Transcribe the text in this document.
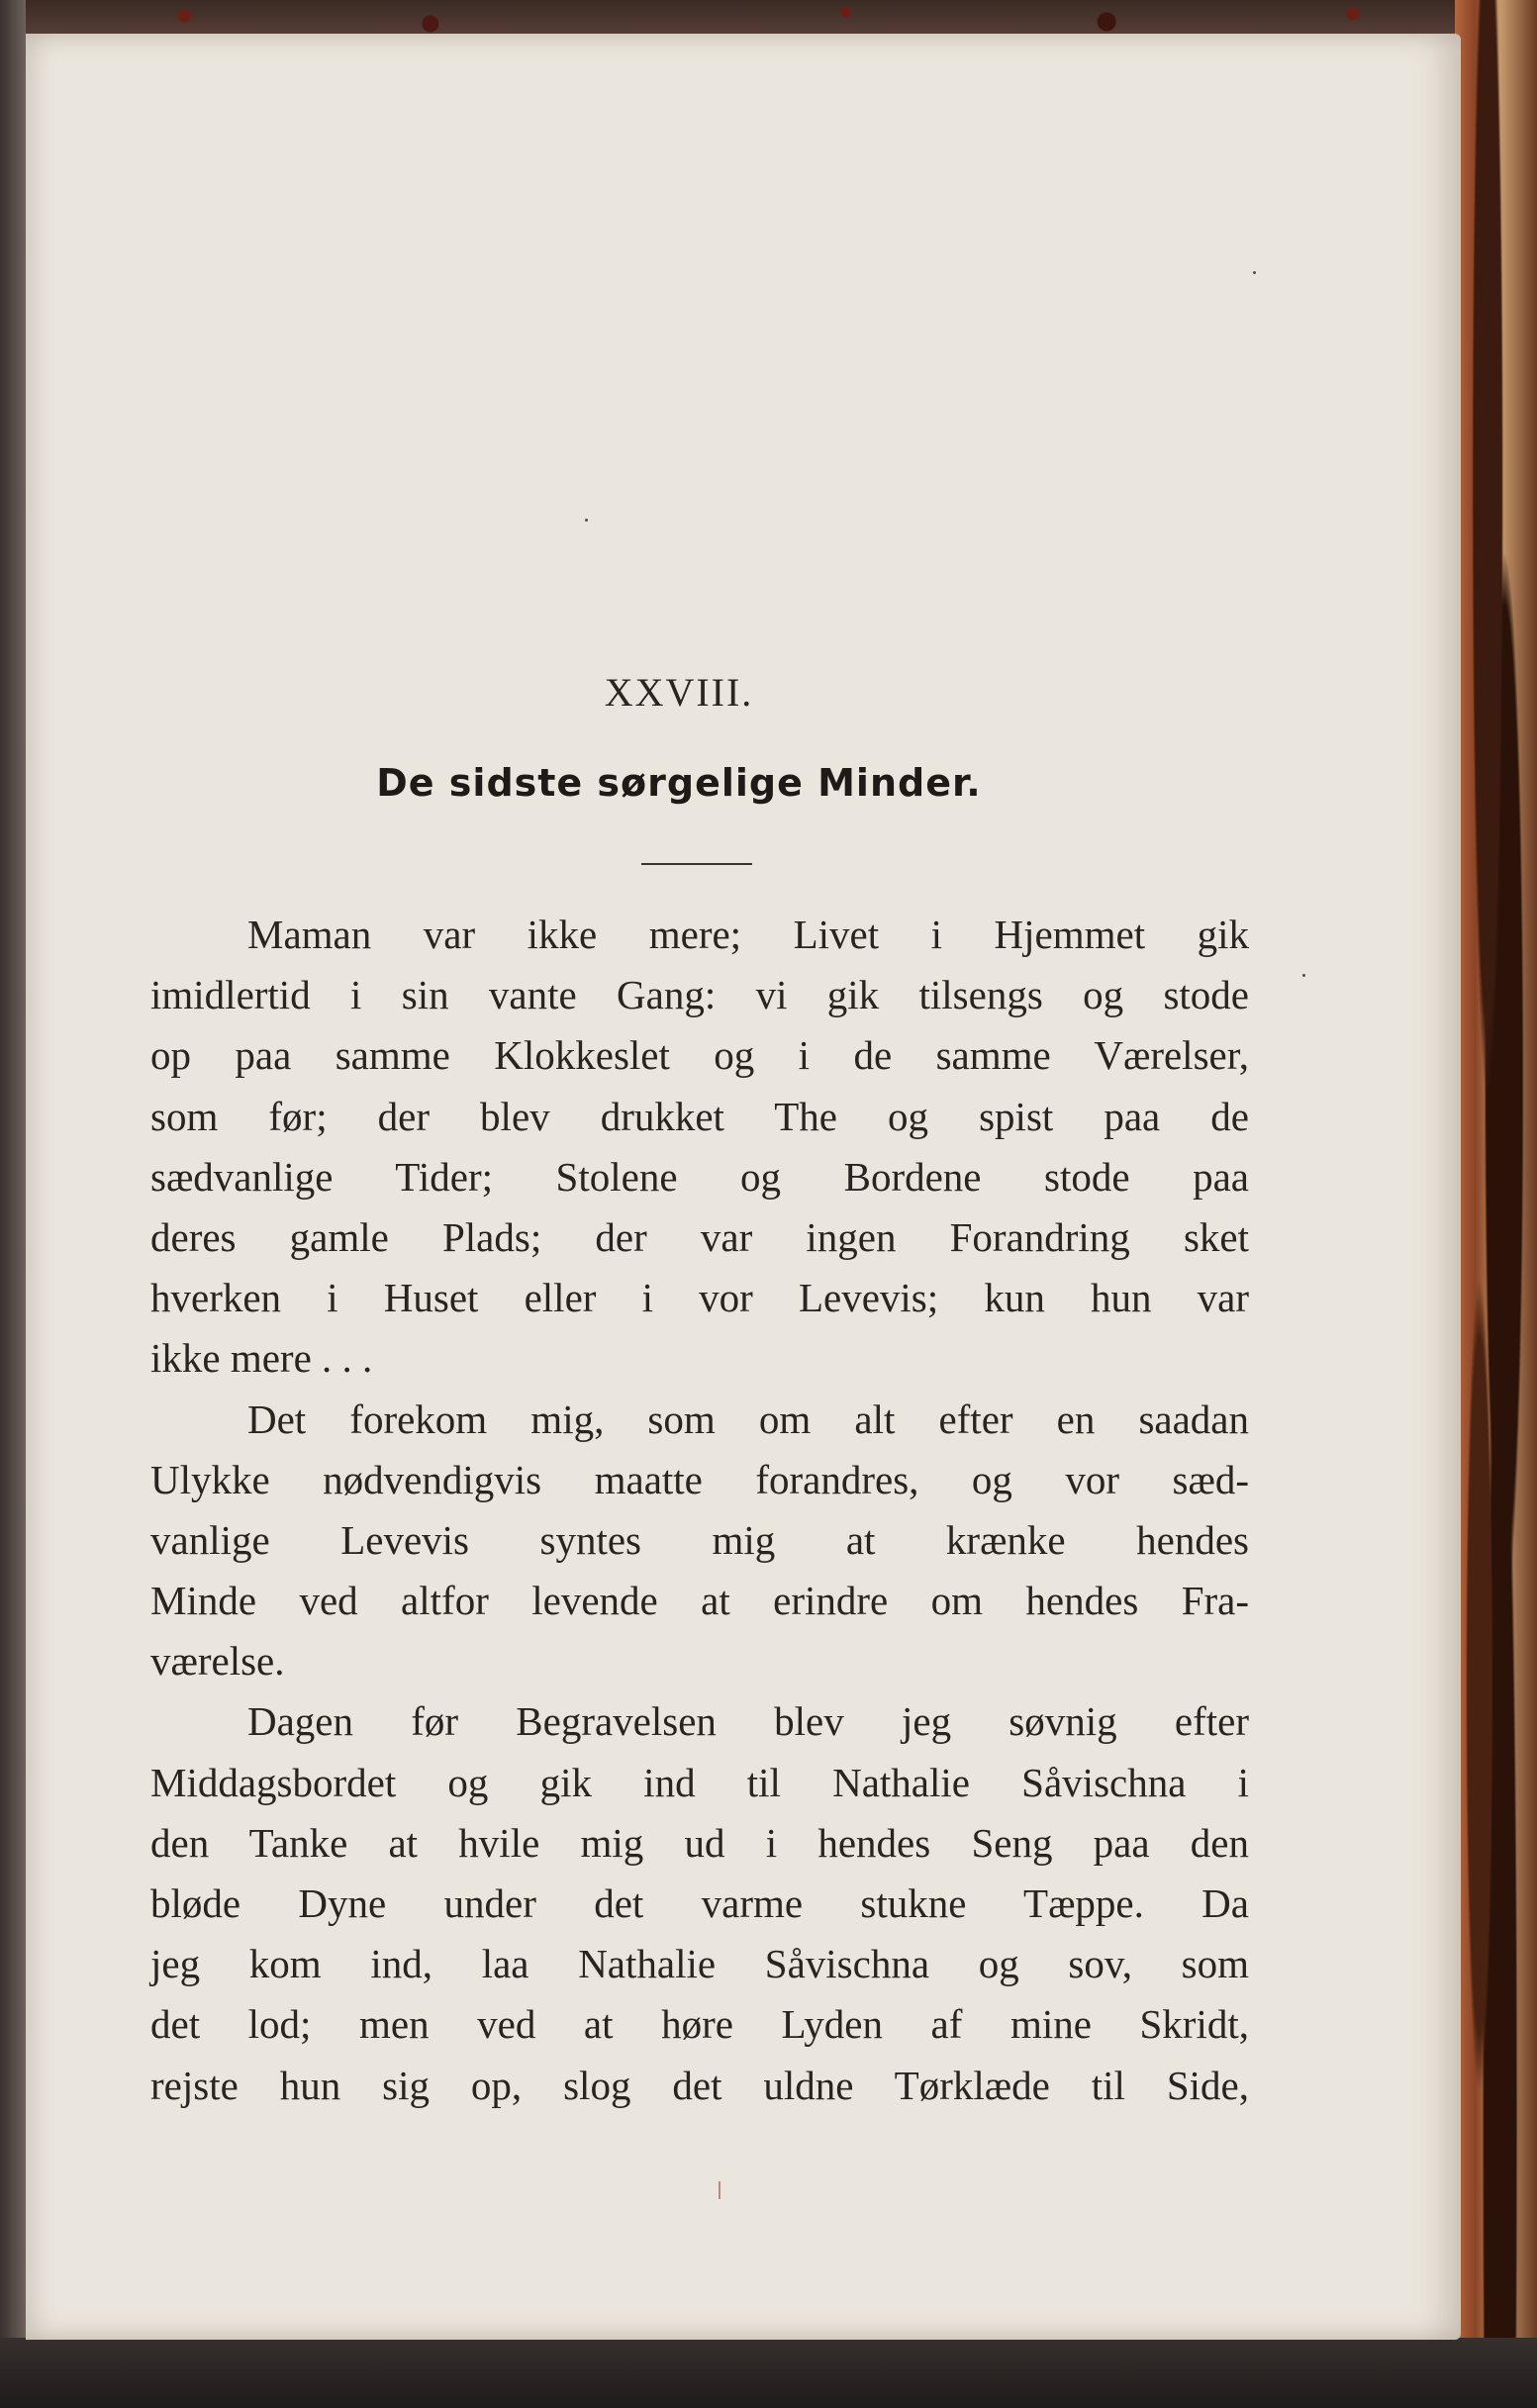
XXVIII.
De sidste sørgelige Minder.
Maman var ikke mere; Livet i Hjemmet gik
imidlertid i sin vante Gang: vi gik tilsengs og stode
op paa samme Klokkeslet og i de samme Værelser,
som før; der blev drukket The og spist paa de
sædvanlige Tider; Stolene og Bordene stode paa
deres gamle Plads; der var ingen Forandring sket
hverken i Huset eller i vor Levevis; kun hun var
ikke mere . . .
Det forekom mig, som om alt efter en saadan
Ulykke nødvendigvis maatte forandres, og vor sæd-
vanlige Levevis syntes mig at krænke hendes
Minde ved altfor levende at erindre om hendes Fra-
værelse.
Dagen før Begravelsen blev jeg søvnig efter
Middagsbordet og gik ind til Nathalie Såvischna i
den Tanke at hvile mig ud i hendes Seng paa den
bløde Dyne under det varme stukne Tæppe. Da
jeg kom ind, laa Nathalie Såvischna og sov, som
det lod; men ved at høre Lyden af mine Skridt,
rejste hun sig op, slog det uldne Tørklæde til Side,
